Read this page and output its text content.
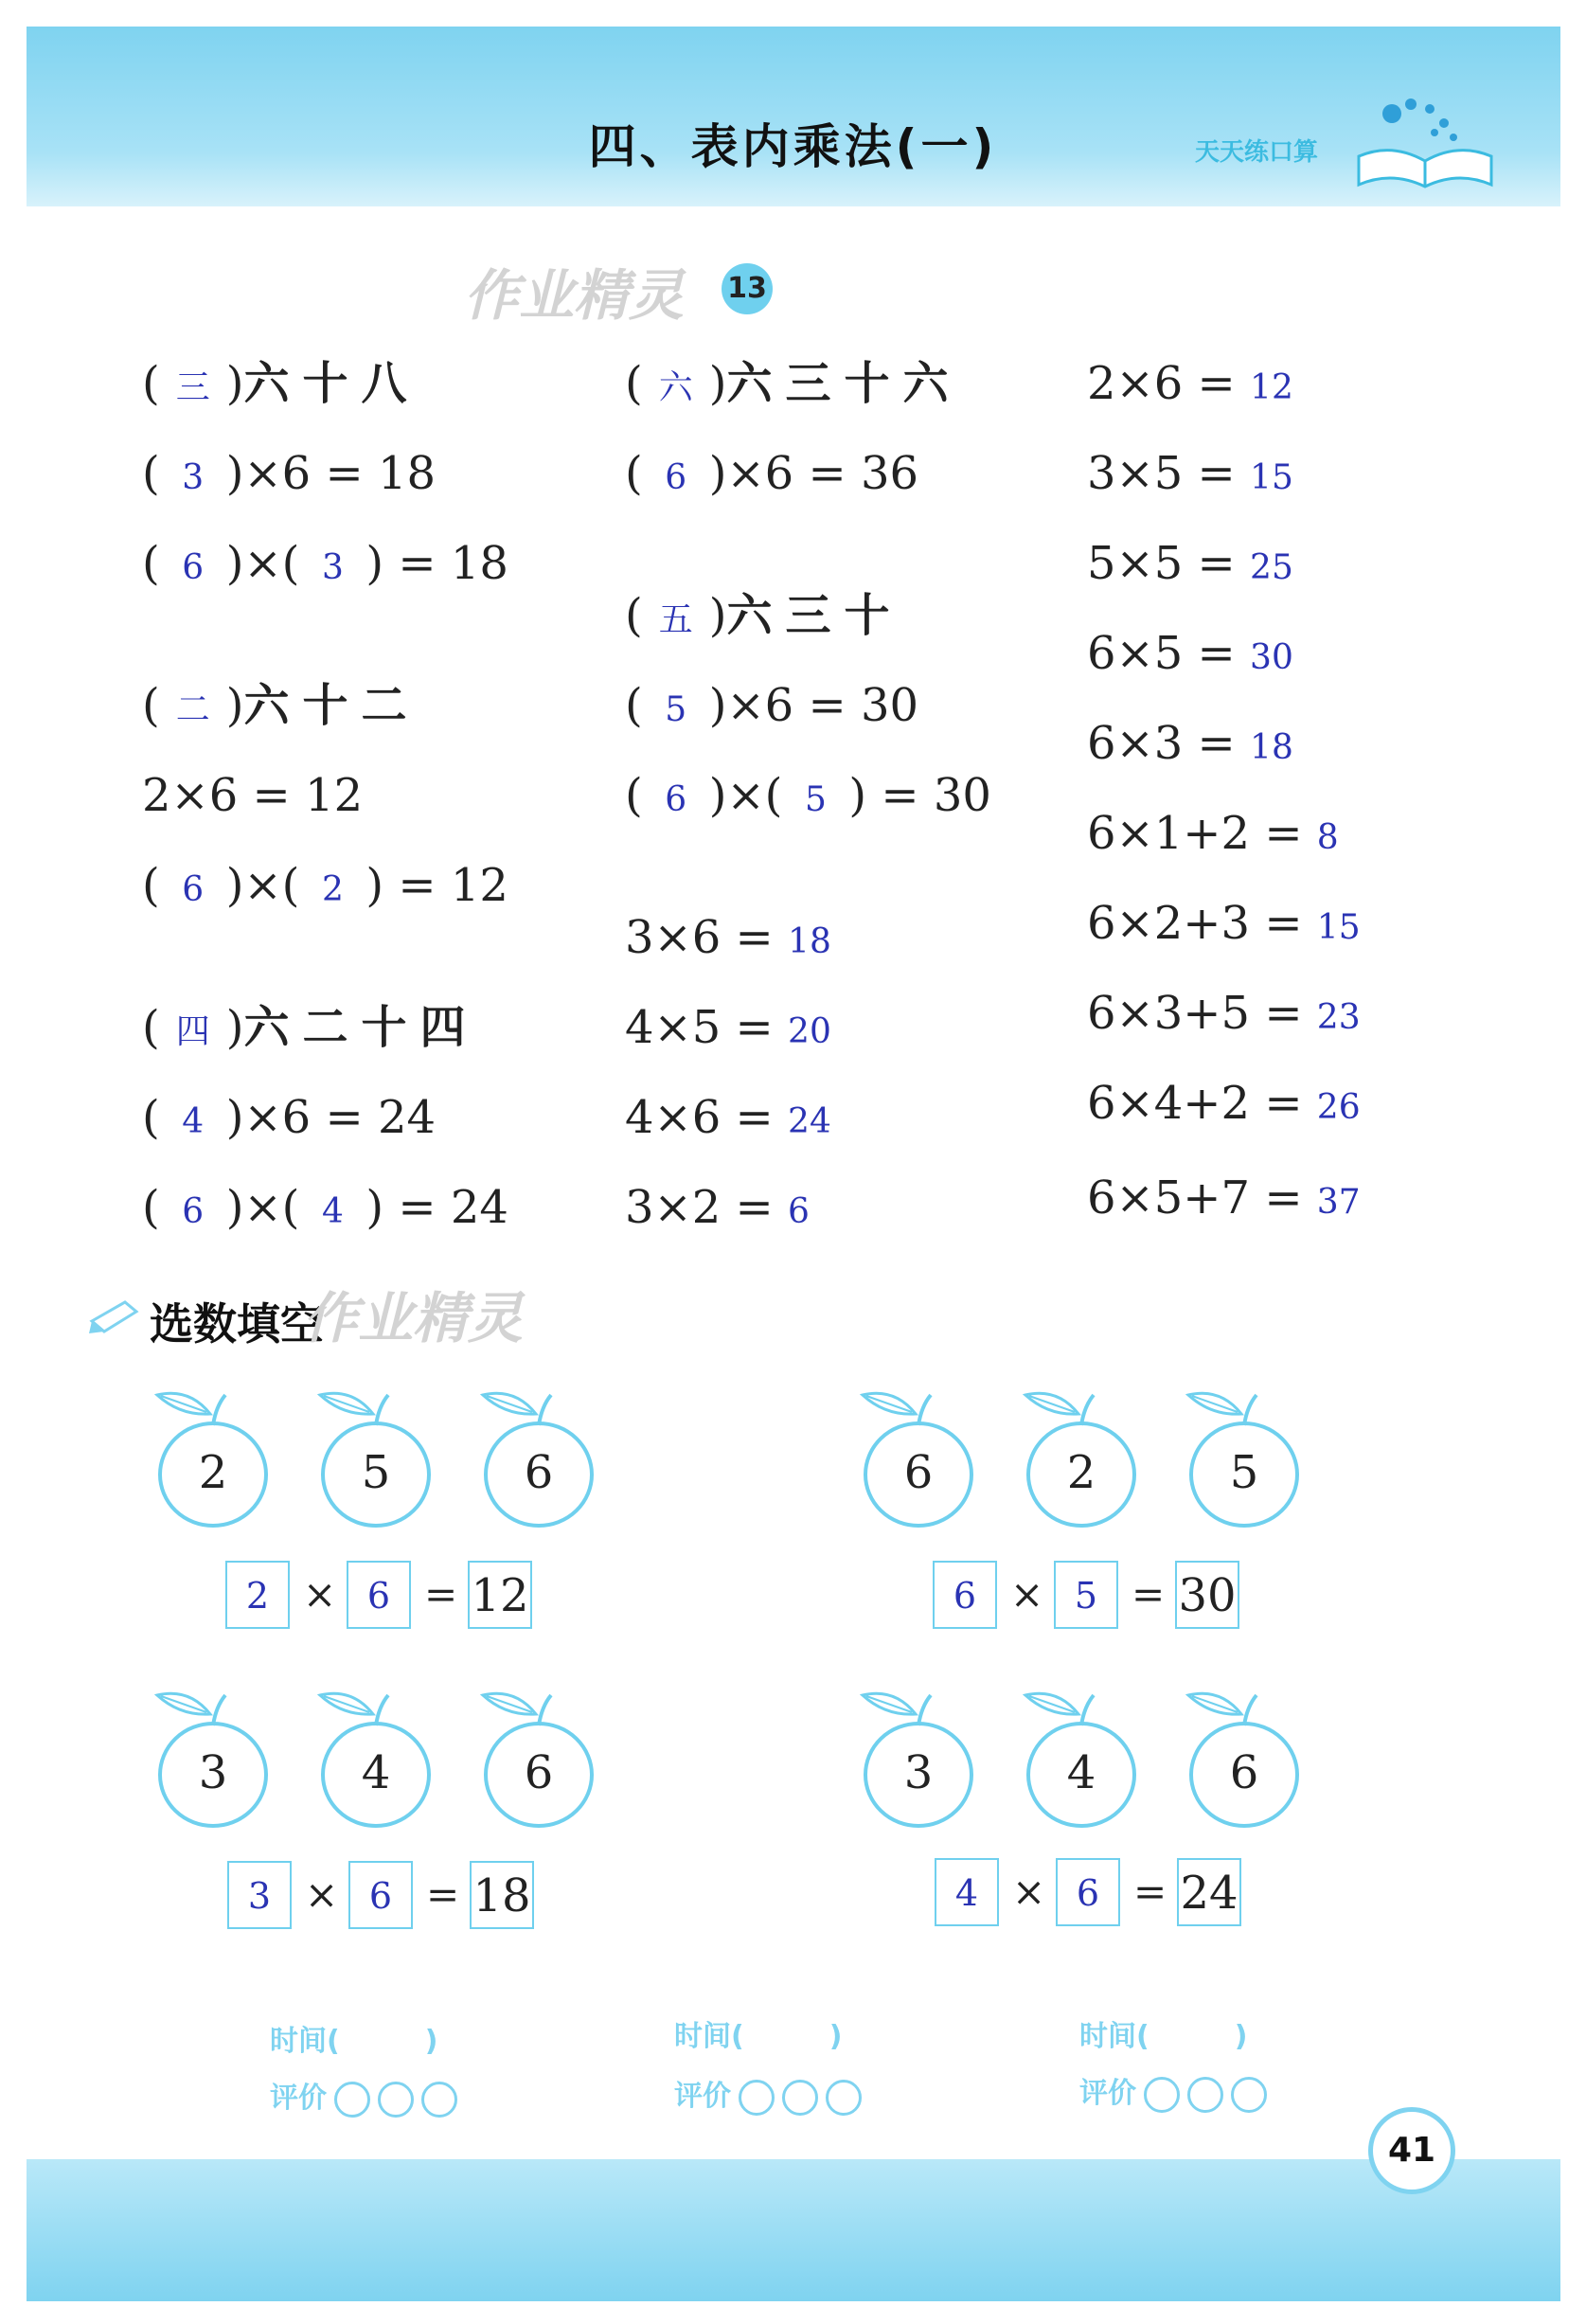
四、表内乘法(一)	天天练口算
作业精灵 13
( 三 )六十八
( 3 )×6 = 18
( 6 )×( 3 ) = 18
( 二 )六十二
2×6 = 12
( 6 )×( 2 ) = 12
( 四 )六二十四
( 4 )×6 = 24
( 6 )×( 4 ) = 24
( 六 )六三十六
( 6 )×6 = 36
( 五 )六三十
( 5 )×6 = 30
( 6 )×( 5 ) = 30
3×6 = 18
4×5 = 20
4×6 = 24
3×2 = 6
2×6 = 12
3×5 = 15
5×5 = 25
6×5 = 30
6×3 = 18
6×1+2 = 8
6×2+3 = 15
6×3+5 = 23
6×4+2 = 26
6×5+7 = 37
选数填空
作业精灵
2	5	6
2 × 6 = 12
6	2	5
6 × 5 = 30
3	4	6
3 × 6 = 18
3	4	6
4 × 6 = 24
时间(　　　)
评价
时间(　　　)
评价
时间(　　　)
评价
41
